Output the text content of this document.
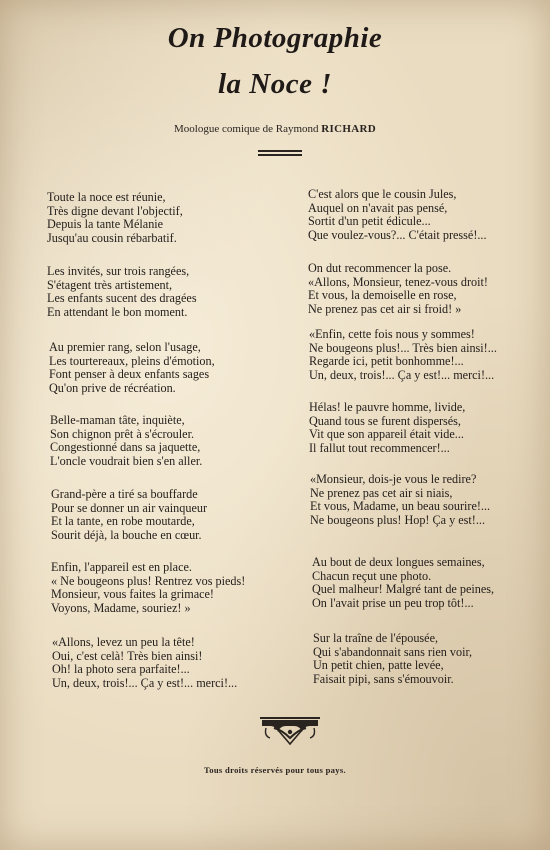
On Photographie
la Noce !
Moologue comique de Raymond RICHARD
Toute la noce est réunie,
Très digne devant l'objectif,
Depuis la tante Mélanie
Jusqu'au cousin rébarbatif.
Les invités, sur trois rangées,
S'étagent très artistement,
Les enfants sucent des dragées
En attendant le bon moment.
Au premier rang, selon l'usage,
Les tourtereaux, pleins d'émotion,
Font penser à deux enfants sages
Qu'on prive de récréation.
Belle-maman tâte, inquiète,
Son chignon prêt à s'écrouler.
Congestionné dans sa jaquette,
L'oncle voudrait bien s'en aller.
Grand-père a tiré sa bouffarde
Pour se donner un air vainqueur
Et la tante, en robe moutarde,
Sourit déjà, la bouche en cœur.
Enfin, l'appareil est en place.
« Ne bougeons plus! Rentrez vos pieds!
Monsieur, vous faites la grimace!
Voyons, Madame, souriez! »
«Allons, levez un peu la tête!
Oui, c'est celà! Très bien ainsi!
Oh! la photo sera parfaite!...
Un, deux, trois!... Ça y est!... merci!...
C'est alors que le cousin Jules,
Auquel on n'avait pas pensé,
Sortit d'un petit édicule...
Que voulez-vous?... C'était pressé!...
On dut recommencer la pose.
«Allons, Monsieur, tenez-vous droit!
Et vous, la demoiselle en rose,
Ne prenez pas cet air si froid! »
«Enfin, cette fois nous y sommes!
Ne bougeons plus!... Très bien ainsi!...
Regarde ici, petit bonhomme!...
Un, deux, trois!... Ça y est!... merci!...
Hélas! le pauvre homme, livide,
Quand tous se furent dispersés,
Vit que son appareil était vide...
Il fallut tout recommencer!...
«Monsieur, dois-je vous le redire?
Ne prenez pas cet air si niais,
Et vous, Madame, un beau sourire!...
Ne bougeons plus! Hop! Ça y est!...
Au bout de deux longues semaines,
Chacun reçut une photo.
Quel malheur! Malgré tant de peines,
On l'avait prise un peu trop tôt!...
Sur la traîne de l'épousée,
Qui s'abandonnait sans rien voir,
Un petit chien, patte levée,
Faisait pipi, sans s'émouvoir.
Tous droits réservés pour tous pays.
